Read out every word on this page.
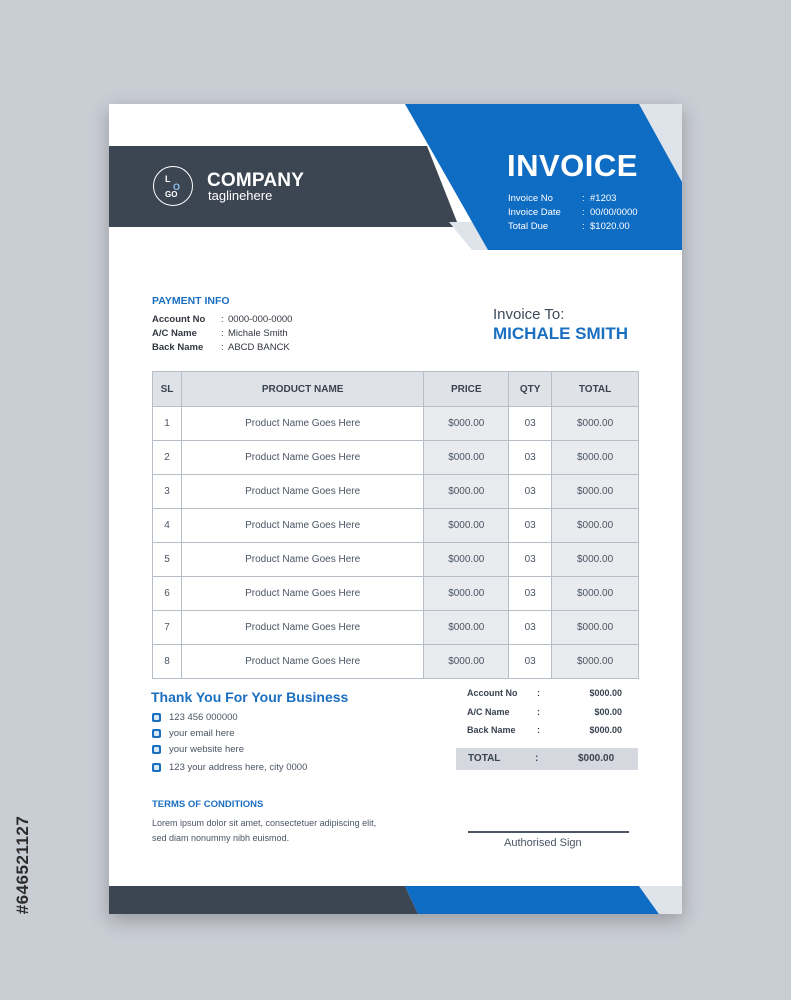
#646521127
L
O
GO
COMPANY
taglinehere
INVOICE
Invoice No	: #1203
Invoice Date : 00/00/0000
Total Due	: $1020.00
PAYMENT INFO
Account No : 0000-000-0000
A/C Name	: Michale Smith
Back Name : ABCD BANCK
Invoice To:
MICHALE SMITH
SL	PRODUCT NAME	PRICE	QTY	TOTAL
1	Product Name Goes Here	$000.00	03	$000.00
2	Product Name Goes Here	$000.00	03	$000.00
3	Product Name Goes Here	$000.00	03	$000.00
4	Product Name Goes Here	$000.00	03	$000.00
5	Product Name Goes Here	$000.00	03	$000.00
6	Product Name Goes Here	$000.00	03	$000.00
7	Product Name Goes Here	$000.00	03	$000.00
8	Product Name Goes Here	$000.00	03	$000.00
Thank You For Your Business
123 456 000000
your email here
your website here
123 your address here, city 0000
TERMS OF CONDITIONS
Lorem ipsum dolor sit amet, consectetuer adipiscing elit, sed diam nonummy nibh euismod.
Account No :	$000.00
A/C Name	:	$00.00
Back Name :	$000.00
TOTAL	:	$000.00
Authorised Sign
